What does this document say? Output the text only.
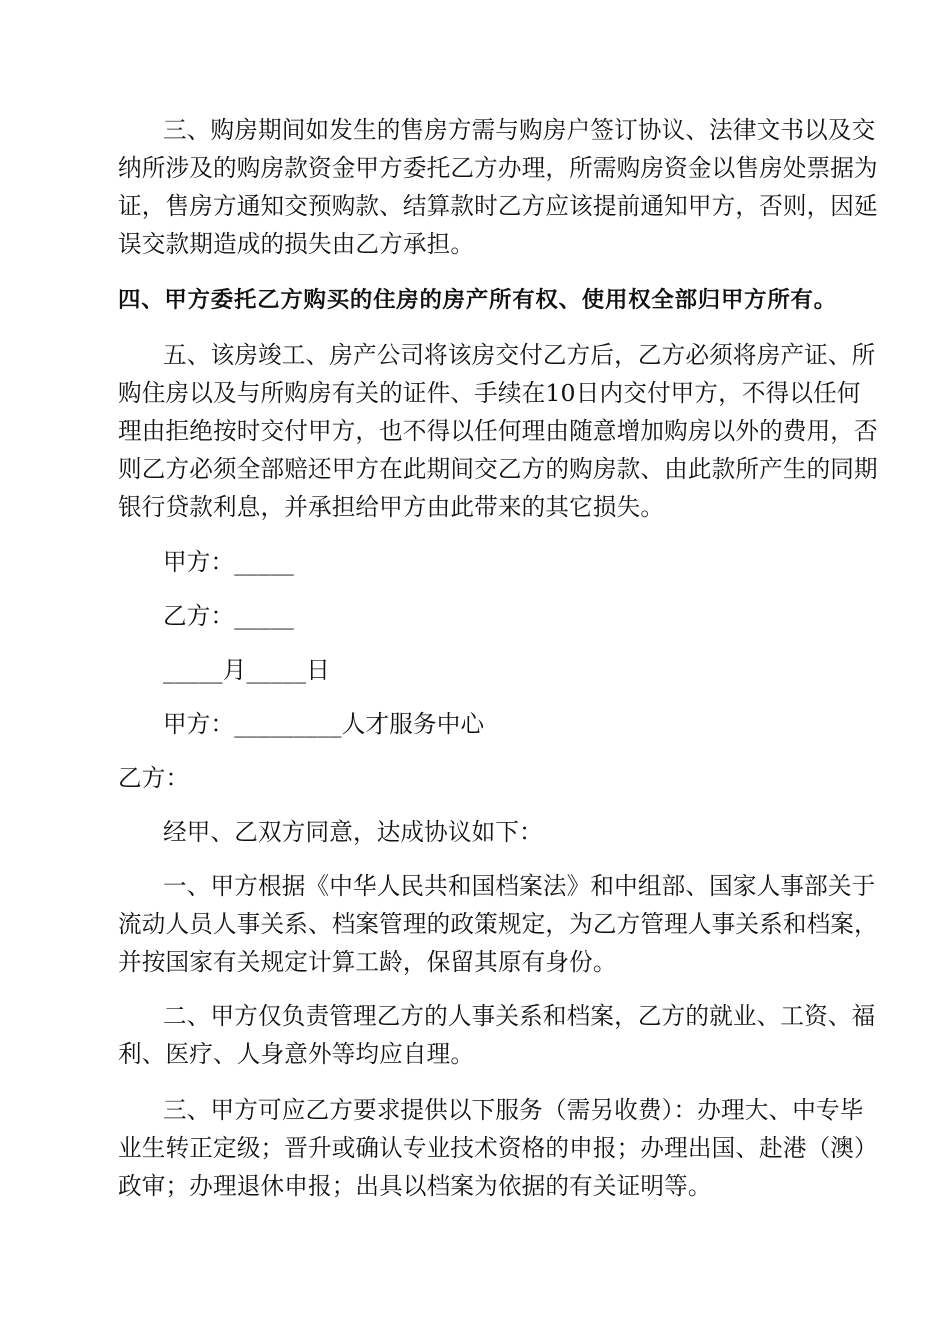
三、购房期间如发生的售房方需与购房户签订协议、法律文书以及交
纳所涉及的购房款资金甲方委托乙方办理，所需购房资金以售房处票据为
证，售房方通知交预购款、结算款时乙方应该提前通知甲方，否则，因延
误交款期造成的损失由乙方承担。
四、甲方委托乙方购买的住房的房产所有权、使用权全部归甲方所有。
五、该房竣工、房产公司将该房交付乙方后，乙方必须将房产证、所
购住房以及与所购房有关的证件、手续在10日内交付甲方，不得以任何
理由拒绝按时交付甲方，也不得以任何理由随意增加购房以外的费用，否
则乙方必须全部赔还甲方在此期间交乙方的购房款、由此款所产生的同期
银行贷款利息，并承担给甲方由此带来的其它损失。
甲方：_____
乙方：_____
_____月_____日
甲方：_________人才服务中心
乙方：
经甲、乙双方同意，达成协议如下：
一、甲方根据《中华人民共和国档案法》和中组部、国家人事部关于
流动人员人事关系、档案管理的政策规定，为乙方管理人事关系和档案，
并按国家有关规定计算工龄，保留其原有身份。
二、甲方仅负责管理乙方的人事关系和档案，乙方的就业、工资、福
利、医疗、人身意外等均应自理。
三、甲方可应乙方要求提供以下服务（需另收费）：办理大、中专毕
业生转正定级；晋升或确认专业技术资格的申报；办理出国、赴港（澳）
政审；办理退休申报；出具以档案为依据的有关证明等。
